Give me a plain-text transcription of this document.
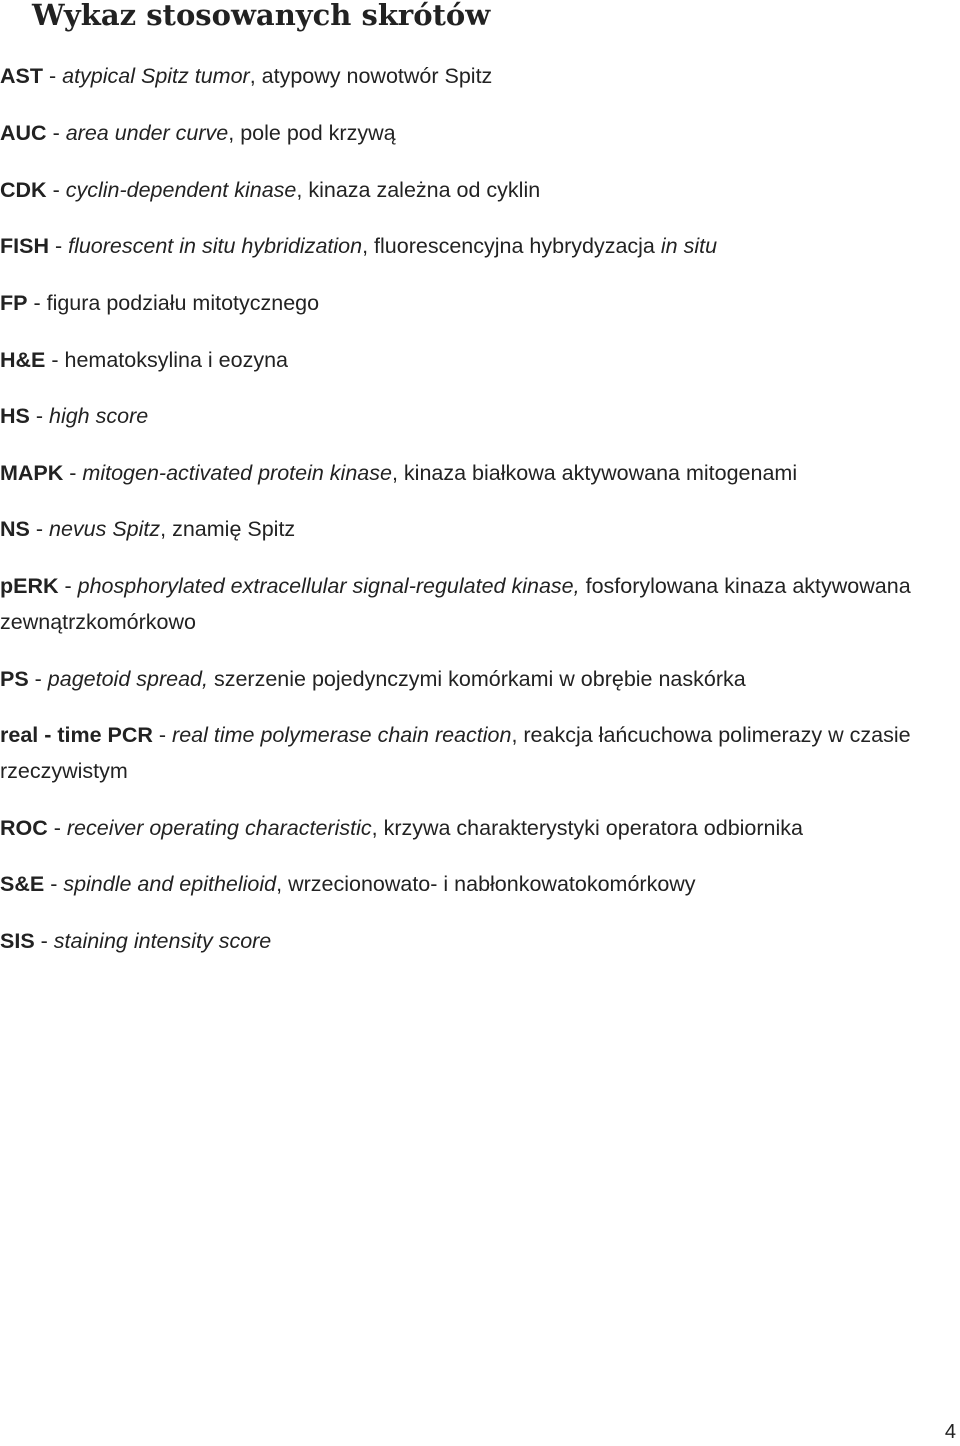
Wykaz stosowanych skrótów
AST - atypical Spitz tumor, atypowy nowotwór Spitz
AUC - area under curve, pole pod krzywą
CDK - cyclin-dependent kinase, kinaza zależna od cyklin
FISH - fluorescent in situ hybridization, fluorescencyjna hybrydyzacja in situ
FP - figura podziału mitotycznego
H&E - hematoksylina i eozyna
HS - high score
MAPK - mitogen-activated protein kinase, kinaza białkowa aktywowana mitogenami
NS - nevus Spitz, znamię Spitz
pERK - phosphorylated extracellular signal-regulated kinase, fosforylowana kinaza aktywowana zewnątrzkomórkowo
PS - pagetoid spread, szerzenie pojedynczymi komórkami w obrębie naskórka
real - time PCR - real time polymerase chain reaction, reakcja łańcuchowa polimerazy w czasie rzeczywistym
ROC - receiver operating characteristic, krzywa charakterystyki operatora odbiornika
S&E - spindle and epithelioid, wrzecionowato- i nabłonkowatokomórkowy
SIS - staining intensity score
4
